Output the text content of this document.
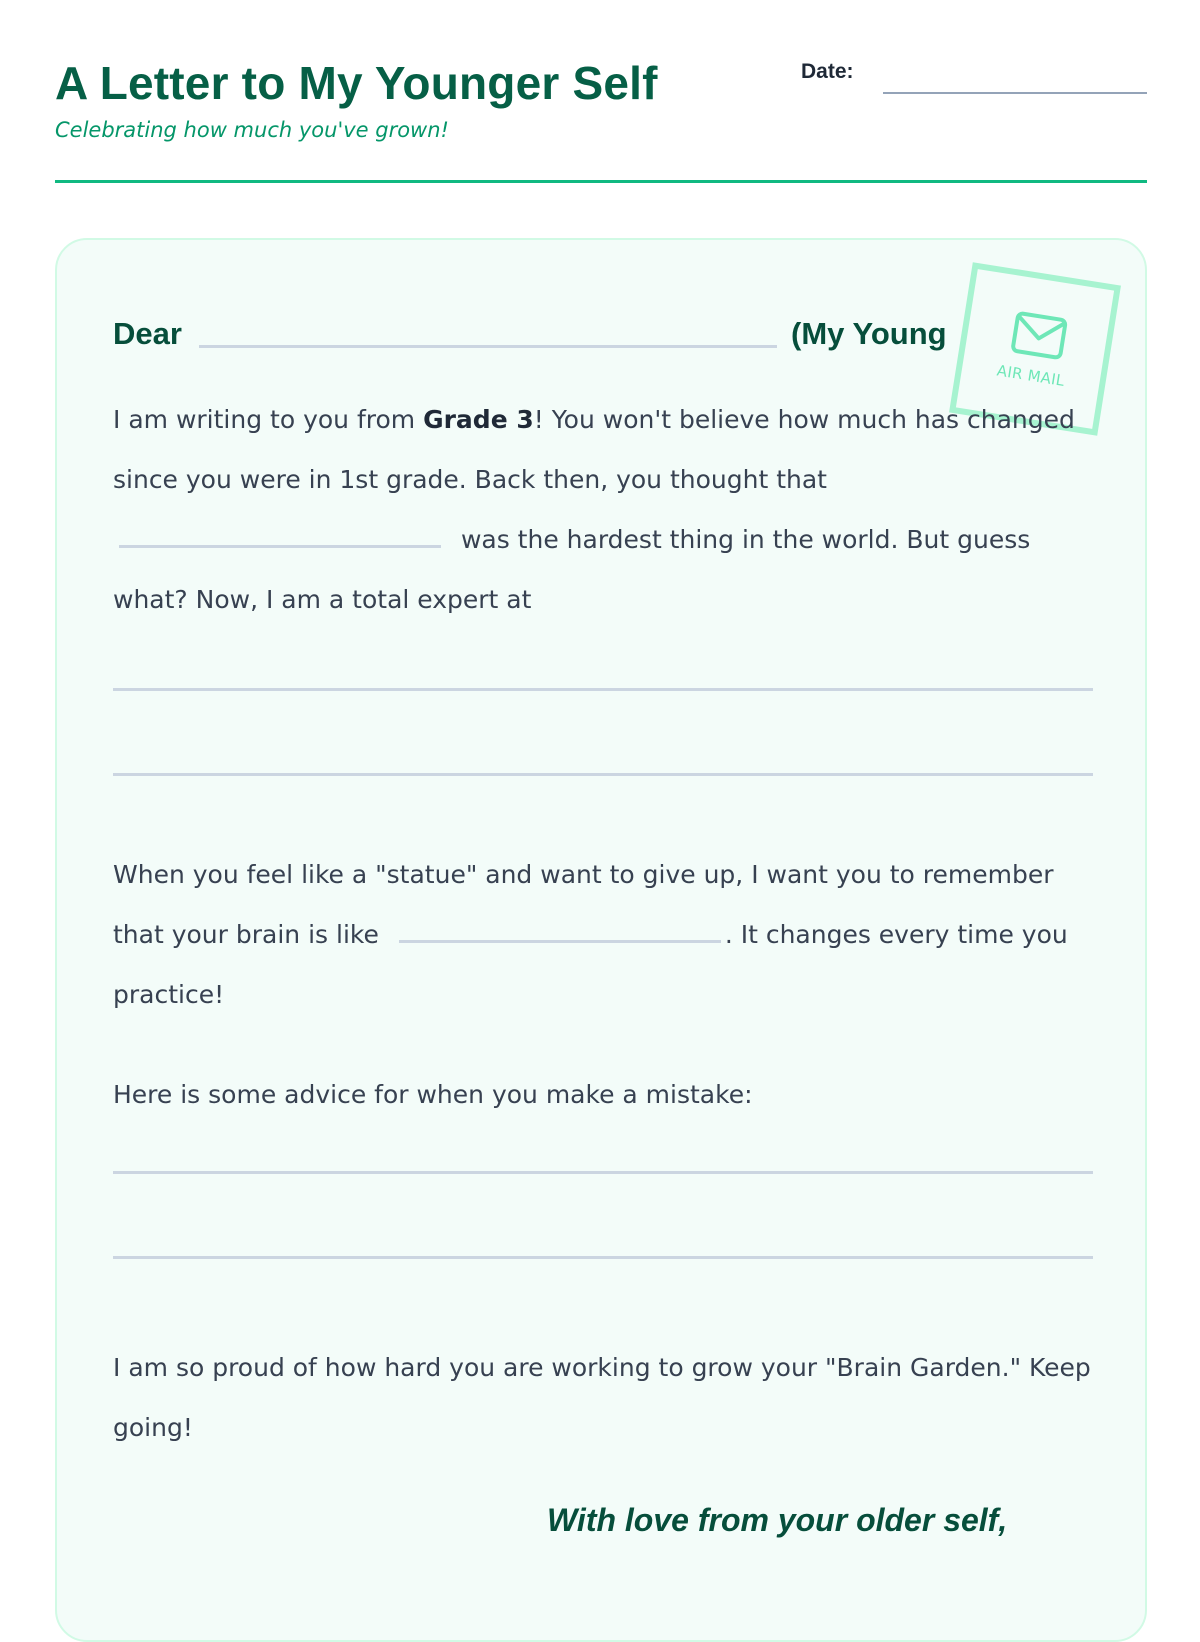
A Letter to My Younger Self
Celebrating how much you've grown!
Date:
Dear	(My Young
AIR MAIL
I am writing to you from Grade 3! You won't believe how much has changed since you were in 1st grade. Back then, you thought that  was the hardest thing in the world. But guess what? Now, I am a total expert at
When you feel like a "statue" and want to give up, I want you to remember that your brain is like	. It changes every time you practice!
Here is some advice for when you make a mistake:
I am so proud of how hard you are working to grow your "Brain Garden." Keep going!
With love from your older self,
